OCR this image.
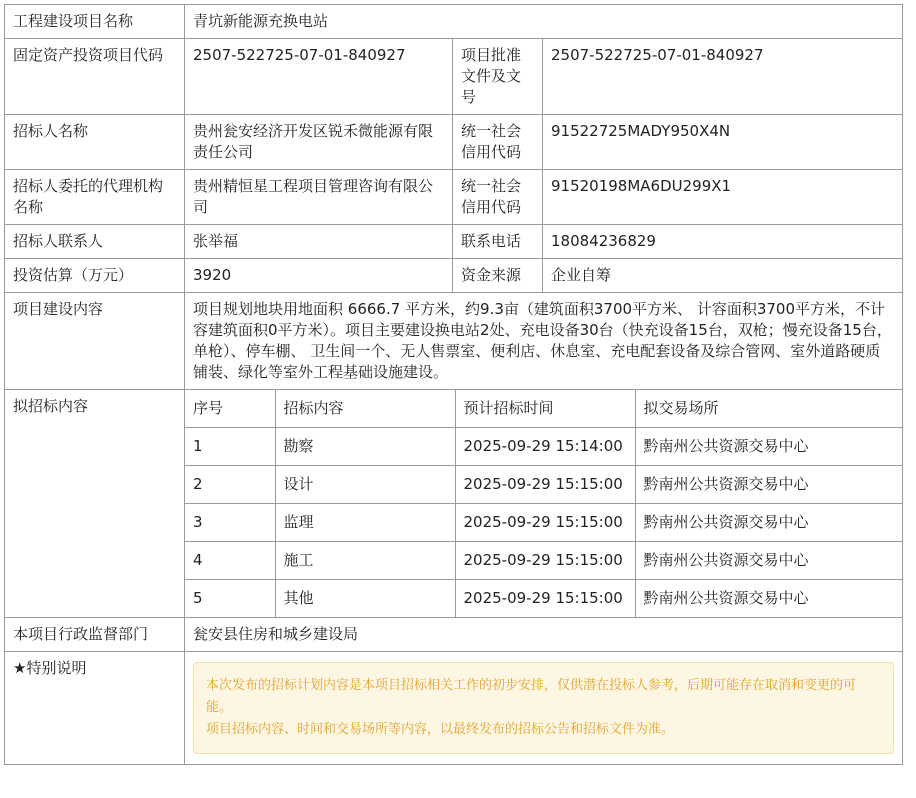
工程建设项目名称	青坑新能源充换电站
固定资产投资项目代码	2507-522725-07-01-840927	项目批准文件及文号	2507-522725-07-01-840927
招标人名称	贵州瓮安经济开发区锐禾微能源有限责任公司	统一社会信用代码	91522725MADY950X4N
招标人委托的代理机构名称	贵州精恒星工程项目管理咨询有限公司	统一社会信用代码	91520198MA6DU299X1
招标人联系人	张举福	联系电话	18084236829
投资估算（万元）	3920	资金来源	企业自筹
项目建设内容	项目规划地块用地面积 6666.7 平方米，约9.3亩（建筑面积3700平方米、 计容面积3700平方米，不计容建筑面积0平方米）。项目主要建设换电站2处、充电设备30台（快充设备15台，双枪；慢充设备15台，单枪）、停车棚、 卫生间一个、无人售票室、便利店、休息室、充电配套设备及综合管网、室外道路硬质铺装、绿化等室外工程基础设施建设。
拟招标内容		序号	招标内容	预计招标时间	拟交易场所
1	勘察	2025-09-29 15:14:00	黔南州公共资源交易中心
2	设计	2025-09-29 15:15:00	黔南州公共资源交易中心
3	监理	2025-09-29 15:15:00	黔南州公共资源交易中心
4	施工	2025-09-29 15:15:00	黔南州公共资源交易中心
5	其他	2025-09-29 15:15:00	黔南州公共资源交易中心

本项目行政监督部门	瓮安县住房和城乡建设局
★特别说明	

本次发布的招标计划内容是本项目招标相关工作的初步安排，仅供潜在投标人参考，后期可能存在取消和变更的可能。

项目招标内容、时间和交易场所等内容，以最终发布的招标公告和招标文件为准。
